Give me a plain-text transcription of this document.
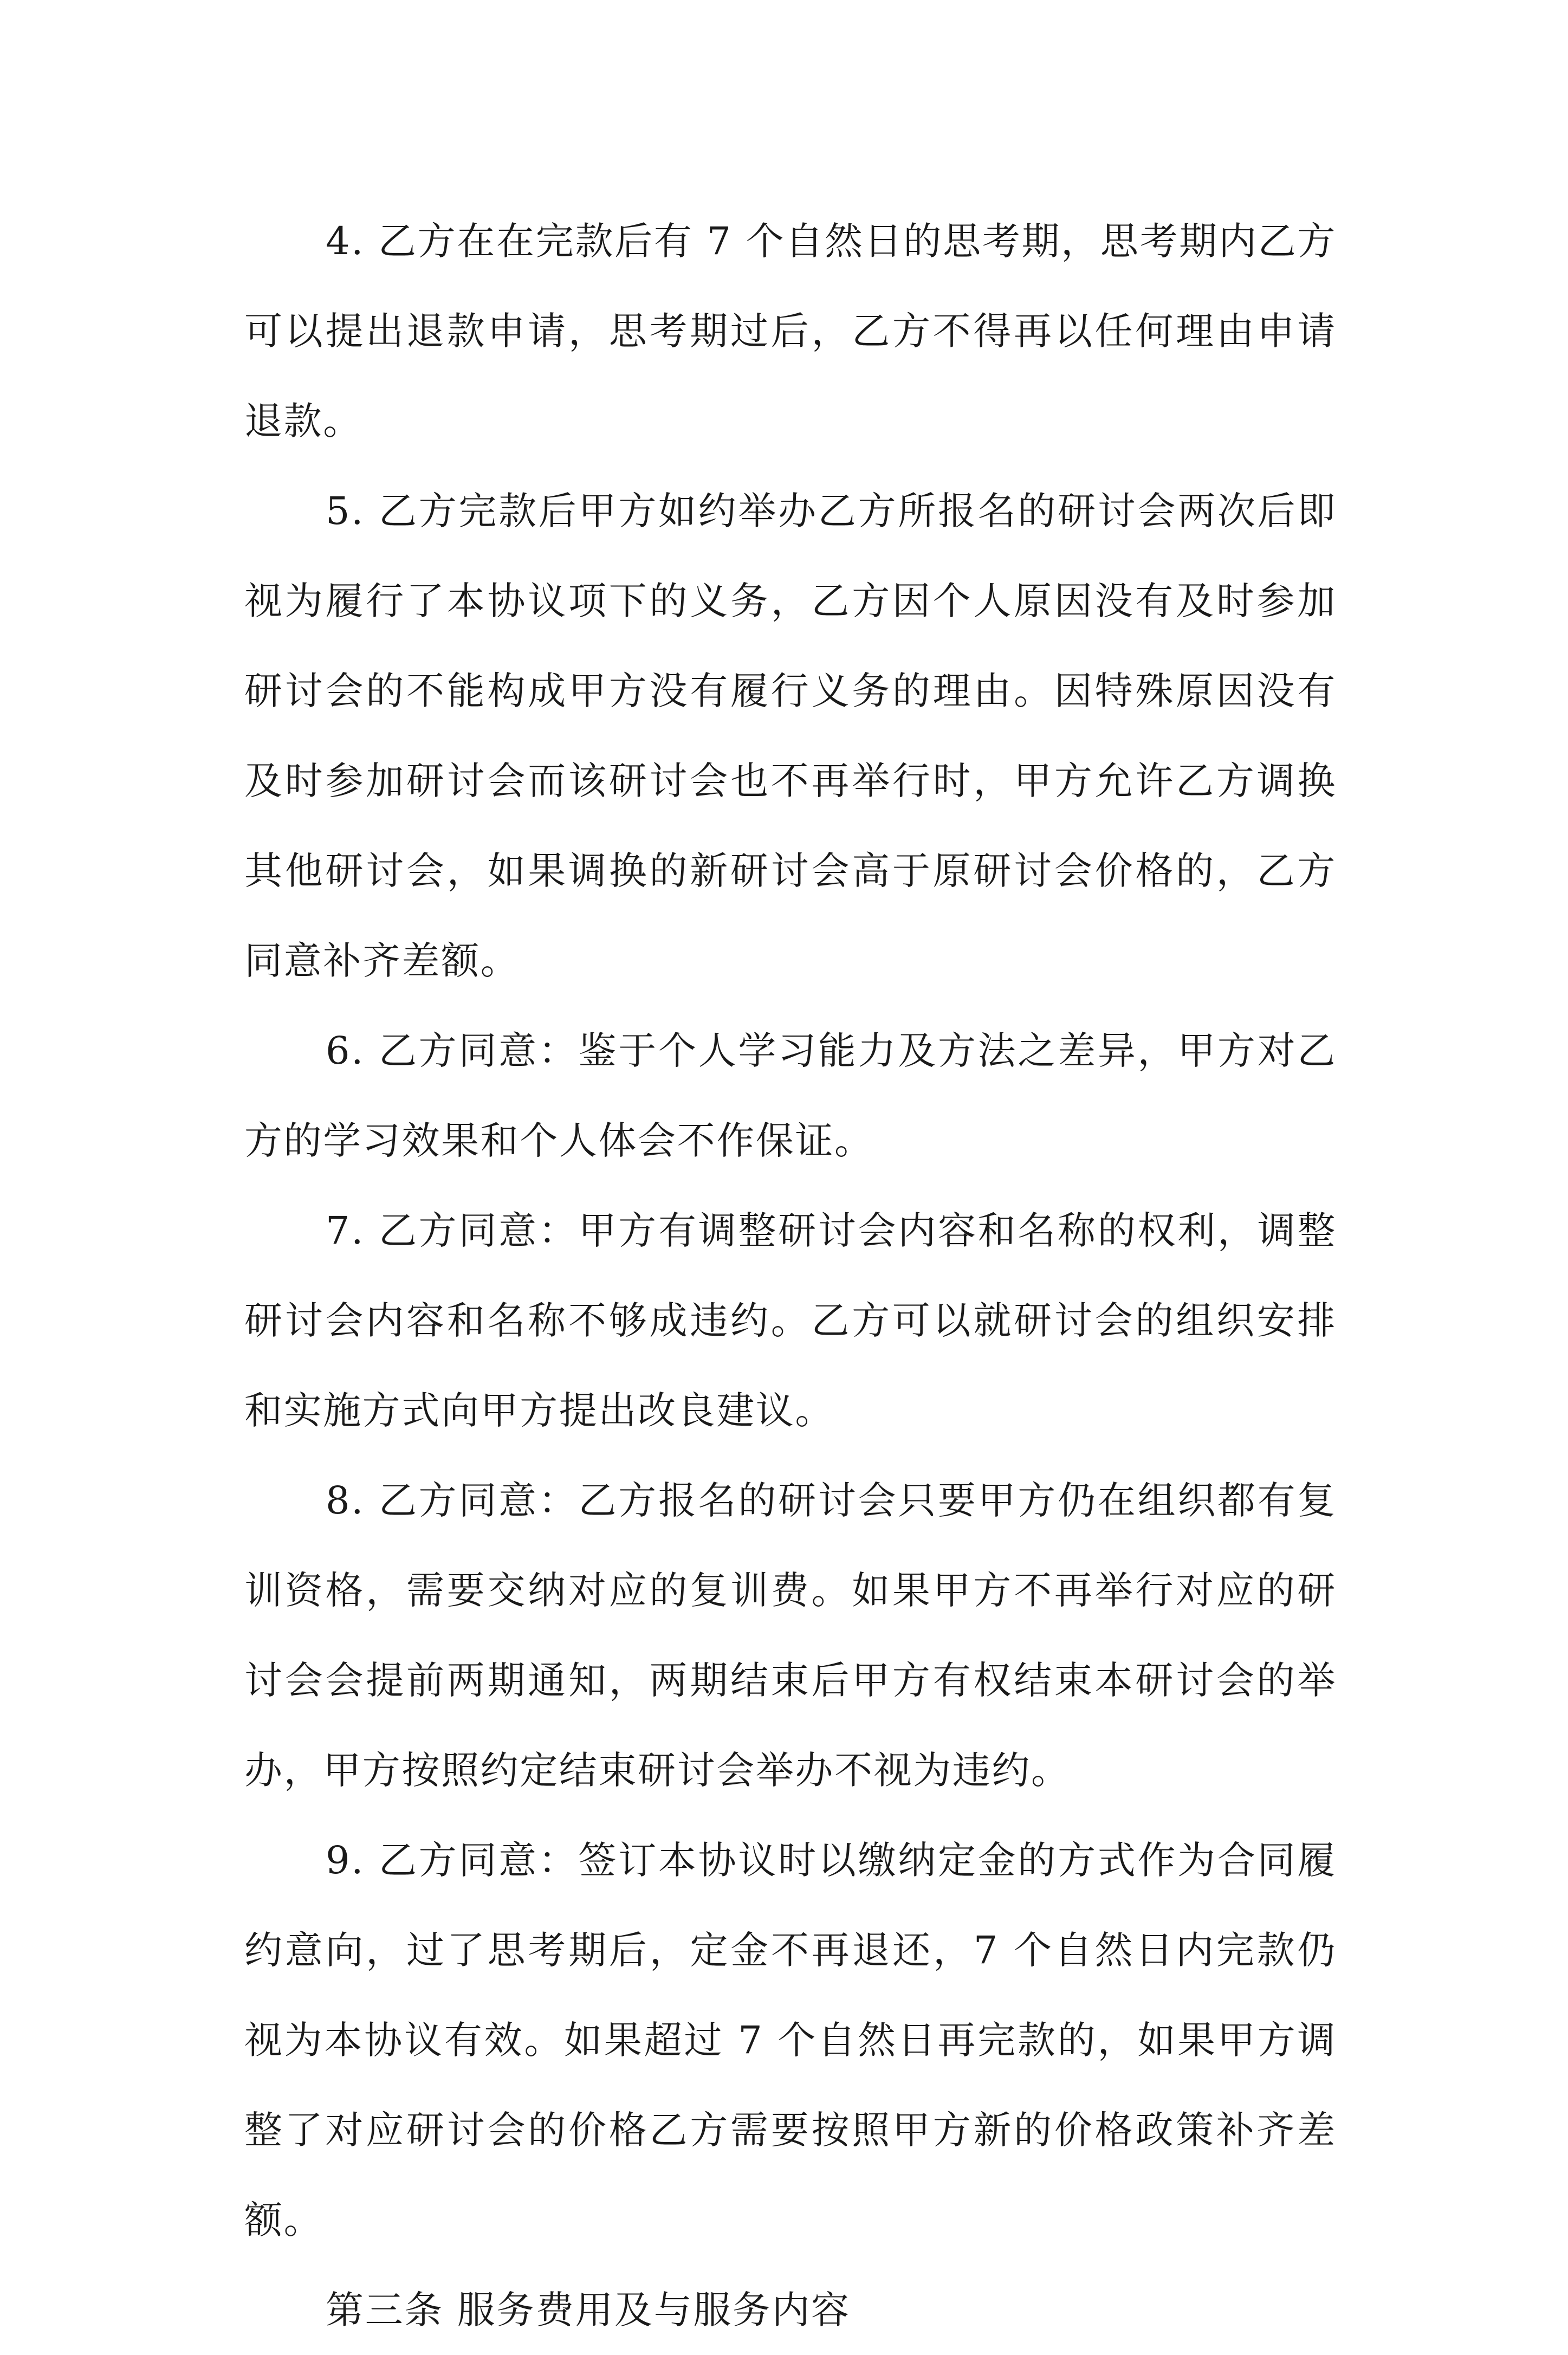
4. 乙方在在完款后有 7 个自然日的思考期，思考期内乙方可以提出退款申请，思考期过后，乙方不得再以任何理由申请退款。

5. 乙方完款后甲方如约举办乙方所报名的研讨会两次后即视为履行了本协议项下的义务，乙方因个人原因没有及时参加研讨会的不能构成甲方没有履行义务的理由。因特殊原因没有及时参加研讨会而该研讨会也不再举行时，甲方允许乙方调换其他研讨会，如果调换的新研讨会高于原研讨会价格的，乙方同意补齐差额。

6. 乙方同意：鉴于个人学习能力及方法之差异，甲方对乙方的学习效果和个人体会不作保证。

7. 乙方同意：甲方有调整研讨会内容和名称的权利，调整研讨会内容和名称不够成违约。乙方可以就研讨会的组织安排和实施方式向甲方提出改良建议。

8. 乙方同意：乙方报名的研讨会只要甲方仍在组织都有复训资格，需要交纳对应的复训费。如果甲方不再举行对应的研讨会会提前两期通知，两期结束后甲方有权结束本研讨会的举办，甲方按照约定结束研讨会举办不视为违约。

9. 乙方同意：签订本协议时以缴纳定金的方式作为合同履约意向，过了思考期后，定金不再退还，7 个自然日内完款仍视为本协议有效。如果超过 7 个自然日再完款的，如果甲方调整了对应研讨会的价格乙方需要按照甲方新的价格政策补齐差额。

第三条 服务费用及与服务内容
